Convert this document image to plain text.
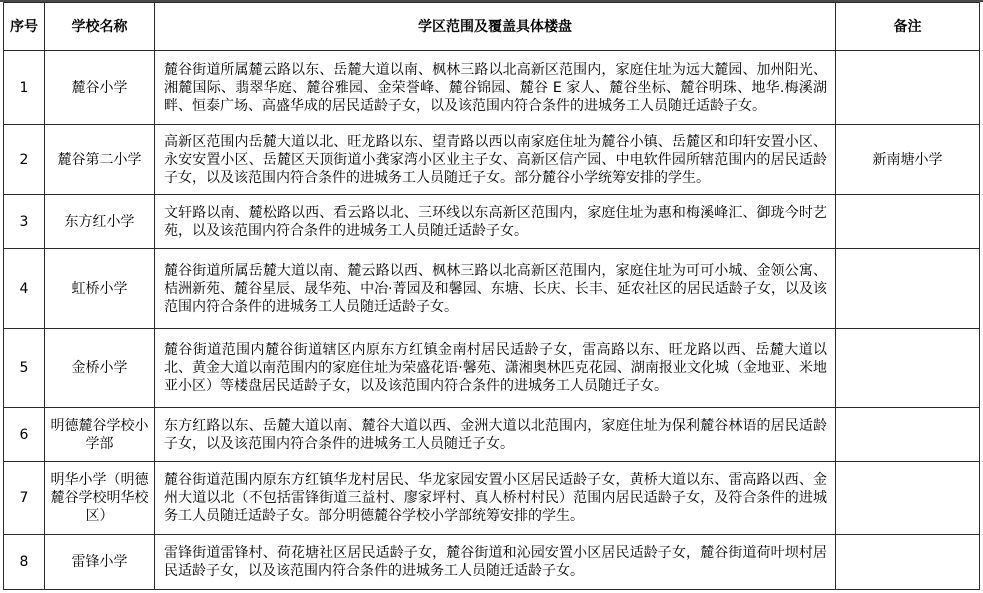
序号	学校名称	学区范围及覆盖具体楼盘	备注
1	麓谷小学	麓谷街道所属麓云路以东、岳麓大道以南、枫林三路以北高新区范围内，家庭住址为远大麓园、加州阳光、湘麓国际、翡翠华庭、麓谷雅园、金荣誉峰、麓谷锦园、麓谷 E 家人、麓谷坐标、麓谷明珠、地华.梅溪湖畔、恒泰广场、高盛华成的居民适龄子女，以及该范围内符合条件的进城务工人员随迁适龄子女。	
2	麓谷第二小学	高新区范围内岳麓大道以北、旺龙路以东、望青路以西以南家庭住址为麓谷小镇、岳麓区和印轩安置小区、永安安置小区、岳麓区天顶街道小龚家湾小区业主子女、高新区信产园、中电软件园所辖范围内的居民适龄子女，以及该范围内符合条件的进城务工人员随迁子女。部分麓谷小学统筹安排的学生。	新南塘小学
3	东方红小学	文轩路以南、麓松路以西、看云路以北、三环线以东高新区范围内，家庭住址为惠和梅溪峰汇、御珑今时艺苑，以及该范围内符合条件的进城务工人员随迁适龄子女。	
4	虹桥小学	麓谷街道所属岳麓大道以南、麓云路以西、枫林三路以北高新区范围内，家庭住址为可可小城、金领公寓、桔洲新苑、麓谷星辰、晟华苑、中冶·菁园及和馨园、东塘、长庆、长丰、延农社区的居民适龄子女，以及该范围内符合条件的进城务工人员随迁适龄子女。	
5	金桥小学	麓谷街道范围内麓谷街道辖区内原东方红镇金南村居民适龄子女，雷高路以东、旺龙路以西、岳麓大道以北、黄金大道以南范围内的家庭住址为荣盛花语·馨苑、潇湘奥林匹克花园、湖南报业文化城（金地亚、米地亚小区）等楼盘居民适龄子女，以及该范围内符合条件的进城务工人员随迁子女。	
6	明德麓谷学校小学部	东方红路以东、岳麓大道以南、麓谷大道以西、金洲大道以北范围内，家庭住址为保利麓谷林语的居民适龄子女，以及该范围内符合条件的进城务工人员随迁子女。	
7	明华小学（明德麓谷学校明华校区）	麓谷街道范围内原东方红镇华龙村居民、华龙家园安置小区居民适龄子女，黄桥大道以东、雷高路以西、金州大道以北（不包括雷锋街道三益村、廖家坪村、真人桥村村民）范围内居民适龄子女，及符合条件的进城务工人员随迁适龄子女。部分明德麓谷学校小学部统筹安排的学生。	
8	雷锋小学	雷锋街道雷锋村、荷花塘社区居民适龄子女，麓谷街道和沁园安置小区居民适龄子女，麓谷街道荷叶坝村居民适龄子女，以及该范围内符合条件的进城务工人员随迁适龄子女。	
